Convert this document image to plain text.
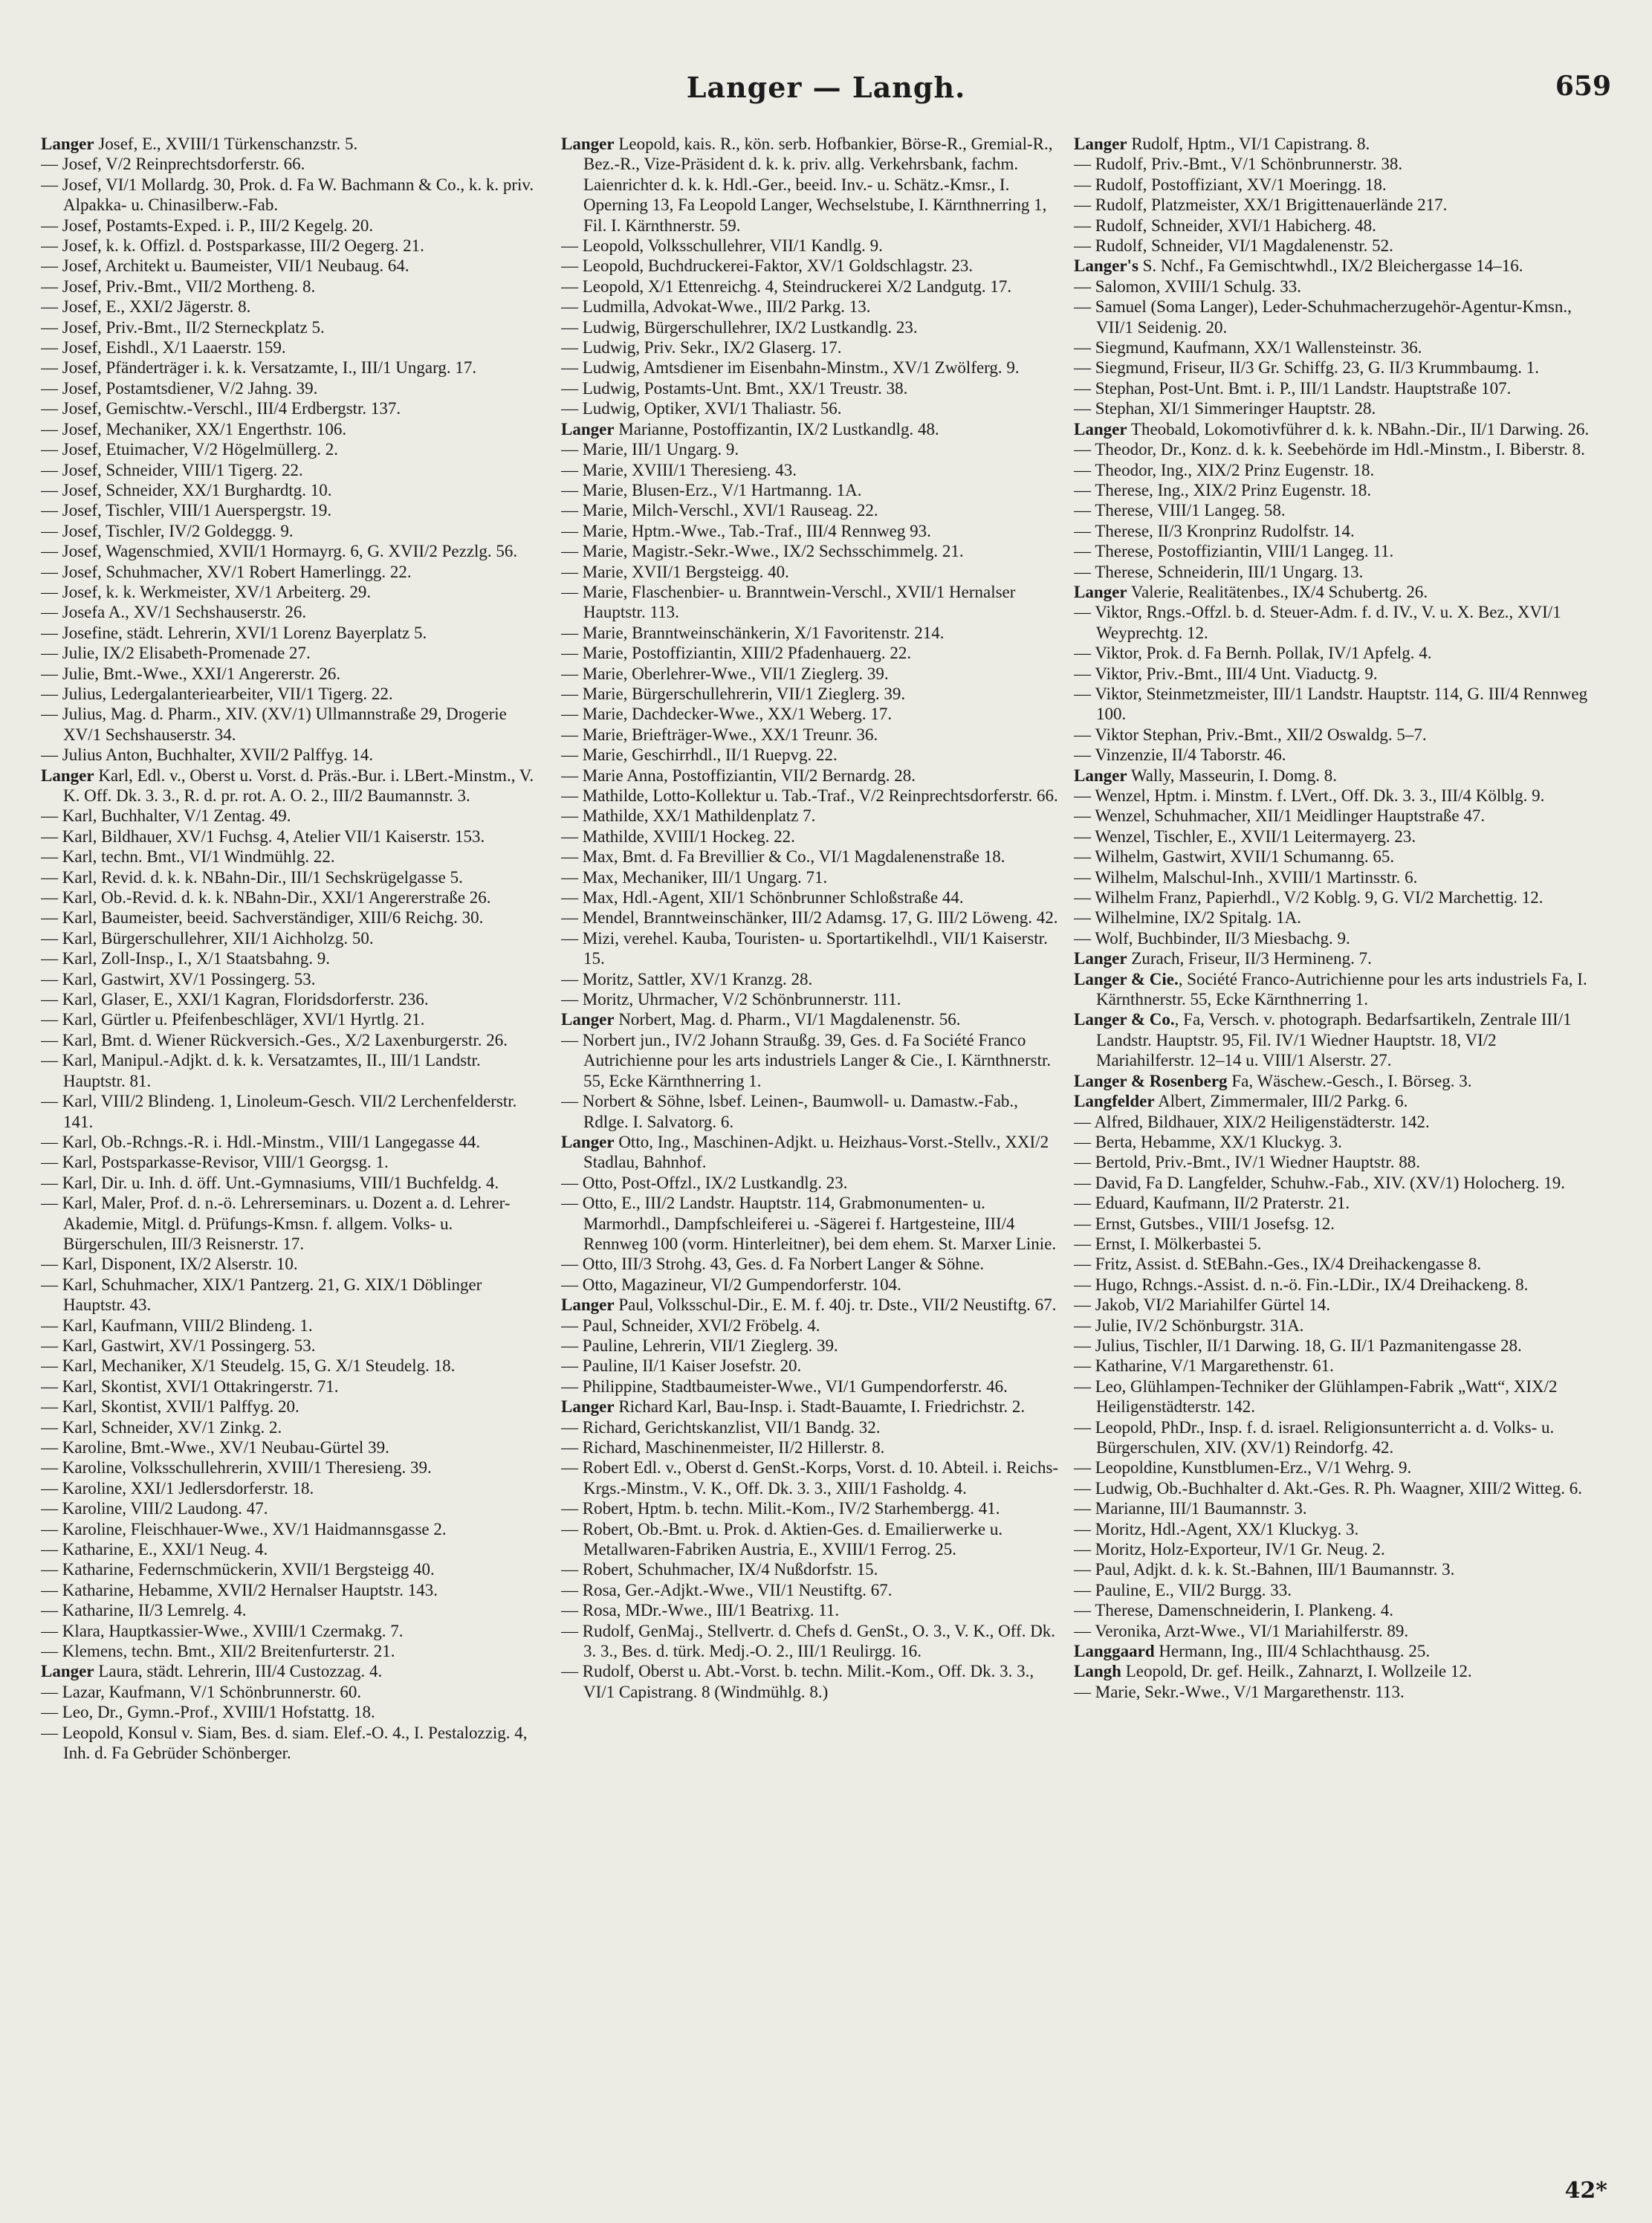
Langer — Langh.	659

Langer Josef, E., XVIII/1 Türkenschanzstr. 5.

— Josef, V/2 Reinprechtsdorferstr. 66.

— Josef, VI/1 Mollardg. 30, Prok. d. Fa W. Bachmann & Co., k. k. priv. Alpakka- u. Chinasilberw.-Fab.

— Josef, Postamts-Exped. i. P., III/2 Kegelg. 20.

— Josef, k. k. Offizl. d. Postsparkasse, III/2 Oegerg. 21.

— Josef, Architekt u. Baumeister, VII/1 Neubaug. 64.

— Josef, Priv.-Bmt., VII/2 Mortheng. 8.

— Josef, E., XXI/2 Jägerstr. 8.

— Josef, Priv.-Bmt., II/2 Sterneckplatz 5.

— Josef, Eishdl., X/1 Laaerstr. 159.

— Josef, Pfänderträger i. k. k. Versatzamte, I., III/1 Ungarg. 17.

— Josef, Postamtsdiener, V/2 Jahng. 39.

— Josef, Gemischtw.-Verschl., III/4 Erdbergstr. 137.

— Josef, Mechaniker, XX/1 Engerthstr. 106.

— Josef, Etuimacher, V/2 Högelmüllerg. 2.

— Josef, Schneider, VIII/1 Tigerg. 22.

— Josef, Schneider, XX/1 Burghardtg. 10.

— Josef, Tischler, VIII/1 Auerspergstr. 19.

— Josef, Tischler, IV/2 Goldeggg. 9.

— Josef, Wagenschmied, XVII/1 Hormayrg. 6, G. XVII/2 Pezzlg. 56.

— Josef, Schuhmacher, XV/1 Robert Hamerlingg. 22.

— Josef, k. k. Werkmeister, XV/1 Arbeiterg. 29.

— Josefa A., XV/1 Sechshauserstr. 26.

— Josefine, städt. Lehrerin, XVI/1 Lorenz Bayerplatz 5.

— Julie, IX/2 Elisabeth-Promenade 27.

— Julie, Bmt.-Wwe., XXI/1 Angererstr. 26.

— Julius, Ledergalanteriearbeiter, VII/1 Tigerg. 22.

— Julius, Mag. d. Pharm., XIV. (XV/1) Ullmannstraße 29, Drogerie XV/1 Sechshauserstr. 34.

— Julius Anton, Buchhalter, XVII/2 Palffyg. 14.

Langer Karl, Edl. v., Oberst u. Vorst. d. Präs.-Bur. i. LBert.-Minstm., V. K. Off. Dk. 3. 3., R. d. pr. rot. A. O. 2., III/2 Baumannstr. 3.

— Karl, Buchhalter, V/1 Zentag. 49.

— Karl, Bildhauer, XV/1 Fuchsg. 4, Atelier VII/1 Kaiserstr. 153.

— Karl, techn. Bmt., VI/1 Windmühlg. 22.

— Karl, Revid. d. k. k. NBahn-Dir., III/1 Sechskrügelgasse 5.

— Karl, Ob.-Revid. d. k. k. NBahn-Dir., XXI/1 Angererstraße 26.

— Karl, Baumeister, beeid. Sachverständiger, XIII/6 Reichg. 30.

— Karl, Bürgerschullehrer, XII/1 Aichholzg. 50.

— Karl, Zoll-Insp., I., X/1 Staatsbahng. 9.

— Karl, Gastwirt, XV/1 Possingerg. 53.

— Karl, Glaser, E., XXI/1 Kagran, Floridsdorferstr. 236.

— Karl, Gürtler u. Pfeifenbeschläger, XVI/1 Hyrtlg. 21.

— Karl, Bmt. d. Wiener Rückversich.-Ges., X/2 Laxenburgerstr. 26.

— Karl, Manipul.-Adjkt. d. k. k. Versatzamtes, II., III/1 Landstr. Hauptstr. 81.

— Karl, VIII/2 Blindeng. 1, Linoleum-Gesch. VII/2 Lerchenfelderstr. 141.

— Karl, Ob.-Rchngs.-R. i. Hdl.-Minstm., VIII/1 Langegasse 44.

— Karl, Postsparkasse-Revisor, VIII/1 Georgsg. 1.

— Karl, Dir. u. Inh. d. öff. Unt.-Gymnasiums, VIII/1 Buchfeldg. 4.

— Karl, Maler, Prof. d. n.-ö. Lehrerseminars. u. Dozent a. d. Lehrer-Akademie, Mitgl. d. Prüfungs-Kmsn. f. allgem. Volks- u. Bürgerschulen, III/3 Reisnerstr. 17.

— Karl, Disponent, IX/2 Alserstr. 10.

— Karl, Schuhmacher, XIX/1 Pantzerg. 21, G. XIX/1 Döblinger Hauptstr. 43.

— Karl, Kaufmann, VIII/2 Blindeng. 1.

— Karl, Gastwirt, XV/1 Possingerg. 53.

— Karl, Mechaniker, X/1 Steudelg. 15, G. X/1 Steudelg. 18.

— Karl, Skontist, XVI/1 Ottakringerstr. 71.

— Karl, Skontist, XVII/1 Palffyg. 20.

— Karl, Schneider, XV/1 Zinkg. 2.

— Karoline, Bmt.-Wwe., XV/1 Neubau-Gürtel 39.

— Karoline, Volksschullehrerin, XVIII/1 Theresieng. 39.

— Karoline, XXI/1 Jedlersdorferstr. 18.

— Karoline, VIII/2 Laudong. 47.

— Karoline, Fleischhauer-Wwe., XV/1 Haidmannsgasse 2.

— Katharine, E., XXI/1 Neug. 4.

— Katharine, Federnschmückerin, XVII/1 Bergsteigg 40.

— Katharine, Hebamme, XVII/2 Hernalser Hauptstr. 143.

— Katharine, II/3 Lemrelg. 4.

— Klara, Hauptkassier-Wwe., XVIII/1 Czermakg. 7.

— Klemens, techn. Bmt., XII/2 Breitenfurterstr. 21.

Langer Laura, städt. Lehrerin, III/4 Custozzag. 4.

— Lazar, Kaufmann, V/1 Schönbrunnerstr. 60.

— Leo, Dr., Gymn.-Prof., XVIII/1 Hofstattg. 18.

— Leopold, Konsul v. Siam, Bes. d. siam. Elef.-O. 4., I. Pestalozzig. 4, Inh. d. Fa Gebrüder Schönberger.

Langer Leopold, kais. R., kön. serb. Hofbankier, Börse-R., Gremial-R., Bez.-R., Vize-Präsident d. k. k. priv. allg. Verkehrsbank, fachm. Laienrichter d. k. k. Hdl.-Ger., beeid. Inv.- u. Schätz.-Kmsr., I. Operning 13, Fa Leopold Langer, Wechselstube, I. Kärnthnerring 1, Fil. I. Kärnthnerstr. 59.

— Leopold, Volksschullehrer, VII/1 Kandlg. 9.

— Leopold, Buchdruckerei-Faktor, XV/1 Goldschlagstr. 23.

— Leopold, X/1 Ettenreichg. 4, Steindruckerei X/2 Landgutg. 17.

— Ludmilla, Advokat-Wwe., III/2 Parkg. 13.

— Ludwig, Bürgerschullehrer, IX/2 Lustkandlg. 23.

— Ludwig, Priv. Sekr., IX/2 Glaserg. 17.

— Ludwig, Amtsdiener im Eisenbahn-Minstm., XV/1 Zwölferg. 9.

— Ludwig, Postamts-Unt. Bmt., XX/1 Treustr. 38.

— Ludwig, Optiker, XVI/1 Thaliastr. 56.

Langer Marianne, Postoffizantin, IX/2 Lustkandlg. 48.

— Marie, III/1 Ungarg. 9.

— Marie, XVIII/1 Theresieng. 43.

— Marie, Blusen-Erz., V/1 Hartmanng. 1A.

— Marie, Milch-Verschl., XVI/1 Rauseag. 22.

— Marie, Hptm.-Wwe., Tab.-Traf., III/4 Rennweg 93.

— Marie, Magistr.-Sekr.-Wwe., IX/2 Sechsschimmelg. 21.

— Marie, XVII/1 Bergsteigg. 40.

— Marie, Flaschenbier- u. Branntwein-Verschl., XVII/1 Hernalser Hauptstr. 113.

— Marie, Branntweinschänkerin, X/1 Favoritenstr. 214.

— Marie, Postoffiziantin, XIII/2 Pfadenhauerg. 22.

— Marie, Oberlehrer-Wwe., VII/1 Zieglerg. 39.

— Marie, Bürgerschullehrerin, VII/1 Zieglerg. 39.

— Marie, Dachdecker-Wwe., XX/1 Weberg. 17.

— Marie, Briefträger-Wwe., XX/1 Treunr. 36.

— Marie, Geschirrhdl., II/1 Ruepvg. 22.

— Marie Anna, Postoffiziantin, VII/2 Bernardg. 28.

— Mathilde, Lotto-Kollektur u. Tab.-Traf., V/2 Reinprechtsdorferstr. 66.

— Mathilde, XX/1 Mathildenplatz 7.

— Mathilde, XVIII/1 Hockeg. 22.

— Max, Bmt. d. Fa Brevillier & Co., VI/1 Magdalenenstraße 18.

— Max, Mechaniker, III/1 Ungarg. 71.

— Max, Hdl.-Agent, XII/1 Schönbrunner Schloßstraße 44.

— Mendel, Branntweinschänker, III/2 Adamsg. 17, G. III/2 Löweng. 42.

— Mizi, verehel. Kauba, Touristen- u. Sportartikelhdl., VII/1 Kaiserstr. 15.

— Moritz, Sattler, XV/1 Kranzg. 28.

— Moritz, Uhrmacher, V/2 Schönbrunnerstr. 111.

Langer Norbert, Mag. d. Pharm., VI/1 Magdalenenstr. 56.

— Norbert jun., IV/2 Johann Straußg. 39, Ges. d. Fa Société Franco Autrichienne pour les arts industriels Langer & Cie., I. Kärnthnerstr. 55, Ecke Kärnthnerring 1.

— Norbert & Söhne, lsbef. Leinen-, Baumwoll- u. Damastw.-Fab., Rdlge. I. Salvatorg. 6.

Langer Otto, Ing., Maschinen-Adjkt. u. Heizhaus-Vorst.-Stellv., XXI/2 Stadlau, Bahnhof.

— Otto, Post-Offzl., IX/2 Lustkandlg. 23.

— Otto, E., III/2 Landstr. Hauptstr. 114, Grabmonumenten- u. Marmorhdl., Dampfschleiferei u. -Sägerei f. Hartgesteine, III/4 Rennweg 100 (vorm. Hinterleitner), bei dem ehem. St. Marxer Linie.

— Otto, III/3 Strohg. 43, Ges. d. Fa Norbert Langer & Söhne.

— Otto, Magazineur, VI/2 Gumpendorferstr. 104.

Langer Paul, Volksschul-Dir., E. M. f. 40j. tr. Dste., VII/2 Neustiftg. 67.

— Paul, Schneider, XVI/2 Fröbelg. 4.

— Pauline, Lehrerin, VII/1 Zieglerg. 39.

— Pauline, II/1 Kaiser Josefstr. 20.

— Philippine, Stadtbaumeister-Wwe., VI/1 Gumpendorferstr. 46.

Langer Richard Karl, Bau-Insp. i. Stadt-Bauamte, I. Friedrichstr. 2.

— Richard, Gerichtskanzlist, VII/1 Bandg. 32.

— Richard, Maschinenmeister, II/2 Hillerstr. 8.

— Robert Edl. v., Oberst d. GenSt.-Korps, Vorst. d. 10. Abteil. i. Reichs-Krgs.-Minstm., V. K., Off. Dk. 3. 3., XIII/1 Fasholdg. 4.

— Robert, Hptm. b. techn. Milit.-Kom., IV/2 Starhembergg. 41.

— Robert, Ob.-Bmt. u. Prok. d. Aktien-Ges. d. Emailierwerke u. Metallwaren-Fabriken Austria, E., XVIII/1 Ferrog. 25.

— Robert, Schuhmacher, IX/4 Nußdorfstr. 15.

— Rosa, Ger.-Adjkt.-Wwe., VII/1 Neustiftg. 67.

— Rosa, MDr.-Wwe., III/1 Beatrixg. 11.

— Rudolf, GenMaj., Stellvertr. d. Chefs d. GenSt., O. 3., V. K., Off. Dk. 3. 3., Bes. d. türk. Medj.-O. 2., III/1 Reulirgg. 16.

— Rudolf, Oberst u. Abt.-Vorst. b. techn. Milit.-Kom., Off. Dk. 3. 3., VI/1 Capistrang. 8 (Windmühlg. 8.)

Langer Rudolf, Hptm., VI/1 Capistrang. 8.

— Rudolf, Priv.-Bmt., V/1 Schönbrunnerstr. 38.

— Rudolf, Postoffiziant, XV/1 Moeringg. 18.

— Rudolf, Platzmeister, XX/1 Brigittenauerlände 217.

— Rudolf, Schneider, XVI/1 Habicherg. 48.

— Rudolf, Schneider, VI/1 Magdalenenstr. 52.

Langer's S. Nchf., Fa Gemischtwhdl., IX/2 Bleichergasse 14–16.

— Salomon, XVIII/1 Schulg. 33.

— Samuel (Soma Langer), Leder-Schuhmacherzugehör-Agentur-Kmsn., VII/1 Seidenig. 20.

— Siegmund, Kaufmann, XX/1 Wallensteinstr. 36.

— Siegmund, Friseur, II/3 Gr. Schiffg. 23, G. II/3 Krummbaumg. 1.

— Stephan, Post-Unt. Bmt. i. P., III/1 Landstr. Hauptstraße 107.

— Stephan, XI/1 Simmeringer Hauptstr. 28.

Langer Theobald, Lokomotivführer d. k. k. NBahn.-Dir., II/1 Darwing. 26.

— Theodor, Dr., Konz. d. k. k. Seebehörde im Hdl.-Minstm., I. Biberstr. 8.

— Theodor, Ing., XIX/2 Prinz Eugenstr. 18.

— Therese, Ing., XIX/2 Prinz Eugenstr. 18.

— Therese, VIII/1 Langeg. 58.

— Therese, II/3 Kronprinz Rudolfstr. 14.

— Therese, Postoffiziantin, VIII/1 Langeg. 11.

— Therese, Schneiderin, III/1 Ungarg. 13.

Langer Valerie, Realitätenbes., IX/4 Schubertg. 26.

— Viktor, Rngs.-Offzl. b. d. Steuer-Adm. f. d. IV., V. u. X. Bez., XVI/1 Weyprechtg. 12.

— Viktor, Prok. d. Fa Bernh. Pollak, IV/1 Apfelg. 4.

— Viktor, Priv.-Bmt., III/4 Unt. Viaductg. 9.

— Viktor, Steinmetzmeister, III/1 Landstr. Hauptstr. 114, G. III/4 Rennweg 100.

— Viktor Stephan, Priv.-Bmt., XII/2 Oswaldg. 5–7.

— Vinzenzie, II/4 Taborstr. 46.

Langer Wally, Masseurin, I. Domg. 8.

— Wenzel, Hptm. i. Minstm. f. LVert., Off. Dk. 3. 3., III/4 Kölblg. 9.

— Wenzel, Schuhmacher, XII/1 Meidlinger Hauptstraße 47.

— Wenzel, Tischler, E., XVII/1 Leitermayerg. 23.

— Wilhelm, Gastwirt, XVII/1 Schumanng. 65.

— Wilhelm, Malschul-Inh., XVIII/1 Martinsstr. 6.

— Wilhelm Franz, Papierhdl., V/2 Koblg. 9, G. VI/2 Marchettig. 12.

— Wilhelmine, IX/2 Spitalg. 1A.

— Wolf, Buchbinder, II/3 Miesbachg. 9.

Langer Zurach, Friseur, II/3 Hermineng. 7.

Langer & Cie., Société Franco-Autrichienne pour les arts industriels Fa, I. Kärnthnerstr. 55, Ecke Kärnthnerring 1.

Langer & Co., Fa, Versch. v. photograph. Bedarfsartikeln, Zentrale III/1 Landstr. Hauptstr. 95, Fil. IV/1 Wiedner Hauptstr. 18, VI/2 Mariahilferstr. 12–14 u. VIII/1 Alserstr. 27.

Langer & Rosenberg Fa, Wäschew.-Gesch., I. Börseg. 3.

Langfelder Albert, Zimmermaler, III/2 Parkg. 6.

— Alfred, Bildhauer, XIX/2 Heiligenstädterstr. 142.

— Berta, Hebamme, XX/1 Kluckyg. 3.

— Bertold, Priv.-Bmt., IV/1 Wiedner Hauptstr. 88.

— David, Fa D. Langfelder, Schuhw.-Fab., XIV. (XV/1) Holocherg. 19.

— Eduard, Kaufmann, II/2 Praterstr. 21.

— Ernst, Gutsbes., VIII/1 Josefsg. 12.

— Ernst, I. Mölkerbastei 5.

— Fritz, Assist. d. StEBahn.-Ges., IX/4 Dreihackengasse 8.

— Hugo, Rchngs.-Assist. d. n.-ö. Fin.-LDir., IX/4 Dreihackeng. 8.

— Jakob, VI/2 Mariahilfer Gürtel 14.

— Julie, IV/2 Schönburgstr. 31A.

— Julius, Tischler, II/1 Darwing. 18, G. II/1 Pazmanitengasse 28.

— Katharine, V/1 Margarethenstr. 61.

— Leo, Glühlampen-Techniker der Glühlampen-Fabrik „Watt“, XIX/2 Heiligenstädterstr. 142.

— Leopold, PhDr., Insp. f. d. israel. Religionsunterricht a. d. Volks- u. Bürgerschulen, XIV. (XV/1) Reindorfg. 42.

— Leopoldine, Kunstblumen-Erz., V/1 Wehrg. 9.

— Ludwig, Ob.-Buchhalter d. Akt.-Ges. R. Ph. Waagner, XIII/2 Witteg. 6.

— Marianne, III/1 Baumannstr. 3.

— Moritz, Hdl.-Agent, XX/1 Kluckyg. 3.

— Moritz, Holz-Exporteur, IV/1 Gr. Neug. 2.

— Paul, Adjkt. d. k. k. St.-Bahnen, III/1 Baumannstr. 3.

— Pauline, E., VII/2 Burgg. 33.

— Therese, Damenschneiderin, I. Plankeng. 4.

— Veronika, Arzt-Wwe., VI/1 Mariahilferstr. 89.

Langgaard Hermann, Ing., III/4 Schlachthausg. 25.

Langh Leopold, Dr. gef. Heilk., Zahnarzt, I. Wollzeile 12.

— Marie, Sekr.-Wwe., V/1 Margarethenstr. 113.

42*
